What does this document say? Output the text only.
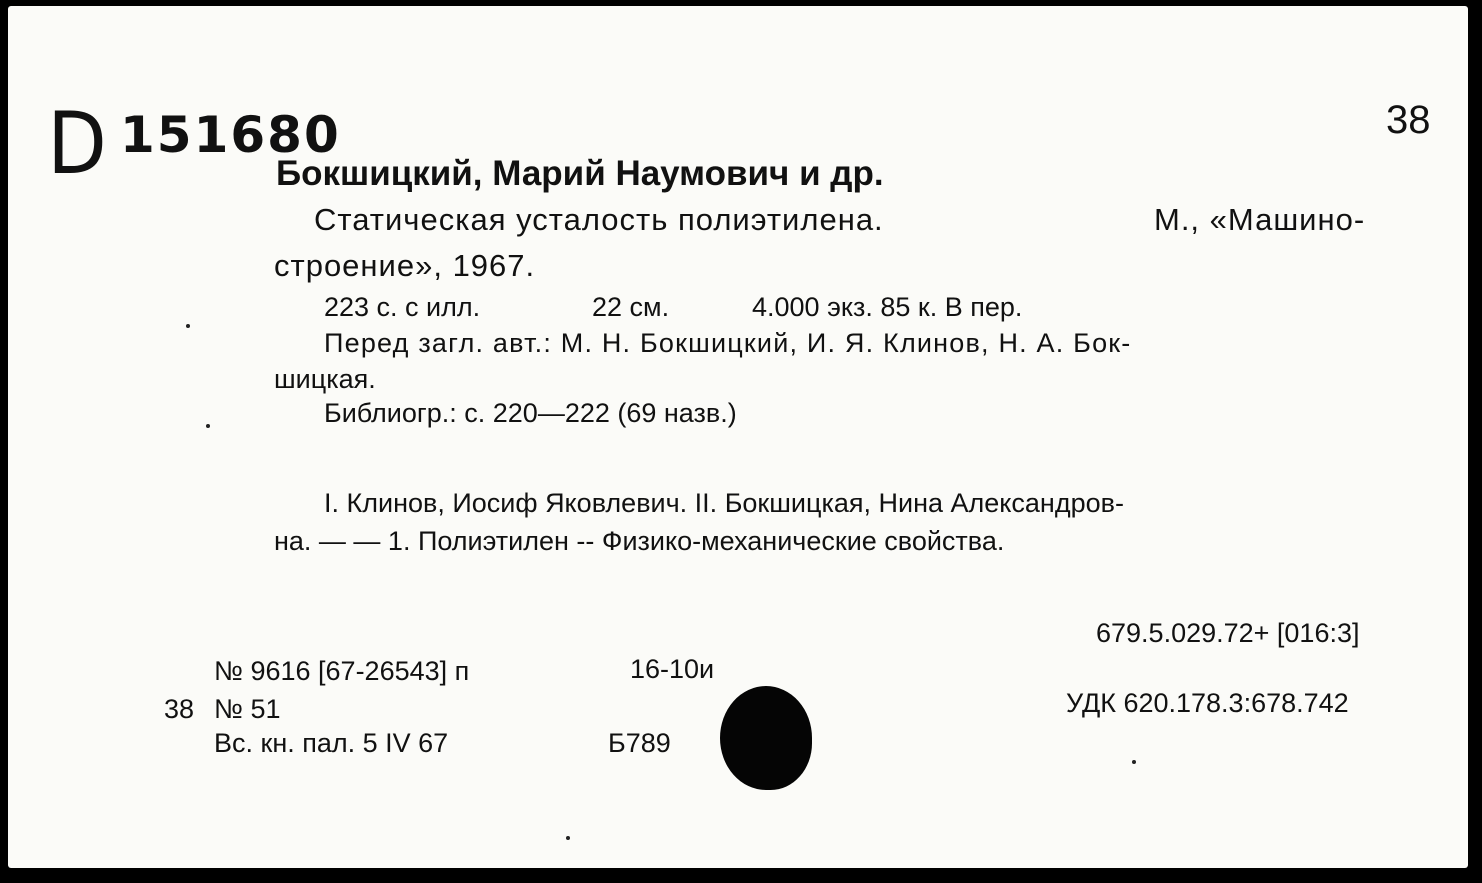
D 151680	38
Бокшицкий, Марий Наумович и др.
Статическая усталость полиэтилена.	М., «Машино-
строение», 1967.
223 с. с илл.	22 см.	4.000 экз. 85 к. В пер.
Перед загл. авт.: М. Н. Бокшицкий, И. Я. Клинов, Н. А. Бок-
шицкая.
Библиогр.: с. 220—222 (69 назв.)
I. Клинов, Иосиф Яковлевич. II. Бокшицкая, Нина Александров-
на. — — 1. Полиэтилен -- Физико-механические свойства.
679.5.029.72+ [016:3]
УДК 620.178.3:678.742
№ 9616 [67-26543] п	16-10и
38 № 51
Вс. кн. пал. 5 IV 67	Б789
